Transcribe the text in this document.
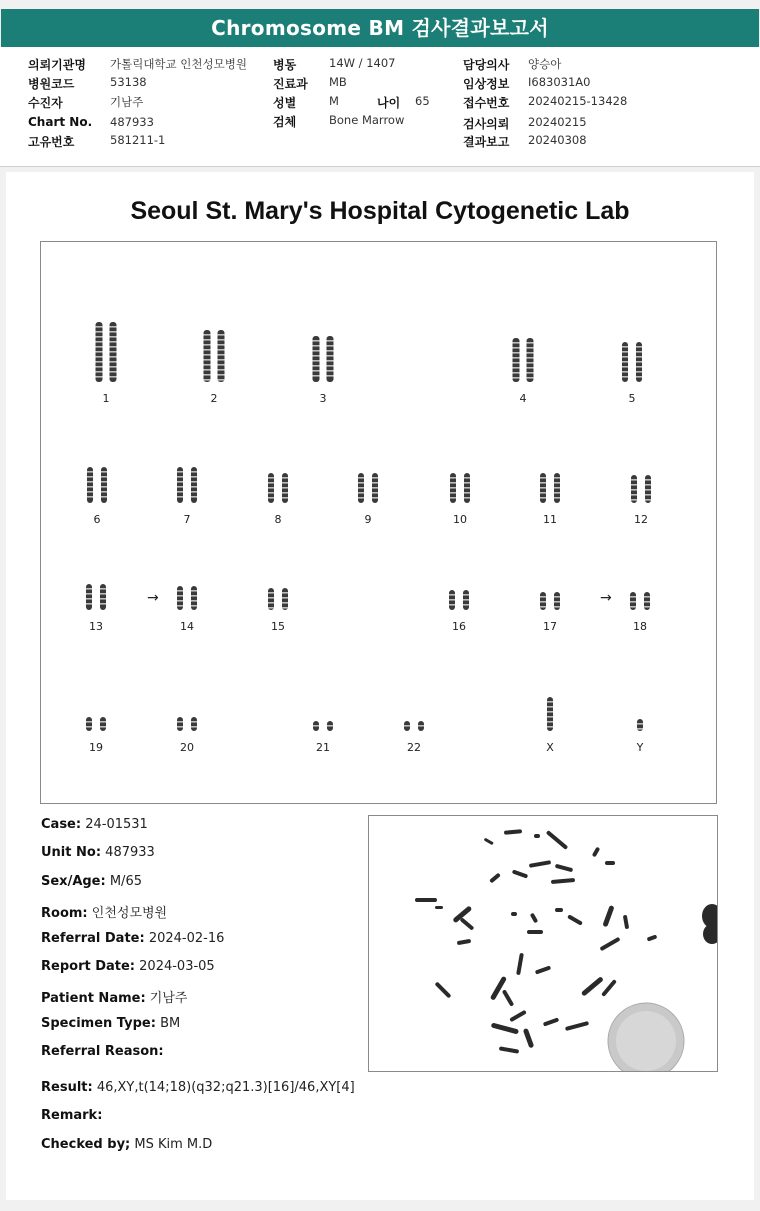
Chromosome BM 검사결과보고서
의뢰기관명 가톨릭대학교 인천성모병원
병원코드	53138
수진자	기남주
Chart No. 487933
고유번호	581211-1
병동	14W / 1407
진료과 MB
성별	M	나이 65
검체	Bone Marrow
담당의사 양승아
임상정보 I683031A0
접수번호 20240215-13428
검사의뢰 20240215
결과보고 20240308
Seoul St. Mary's Hospital Cytogenetic Lab
1	2	3	4	5
6	7	8	9	10	11	12
13	14
→
15	16	17	18
→
19	20	21	22	X	Y
Case: 24-01531
Unit No: 487933
Sex/Age: M/65
Room: 인천성모병원
Referral Date: 2024-02-16
Report Date: 2024-03-05
Patient Name: 기남주
Specimen Type: BM
Referral Reason:
Result: 46,XY,t(14;18)(q32;q21.3)[16]/46,XY[4]
Remark:
Checked by; MS Kim M.D
